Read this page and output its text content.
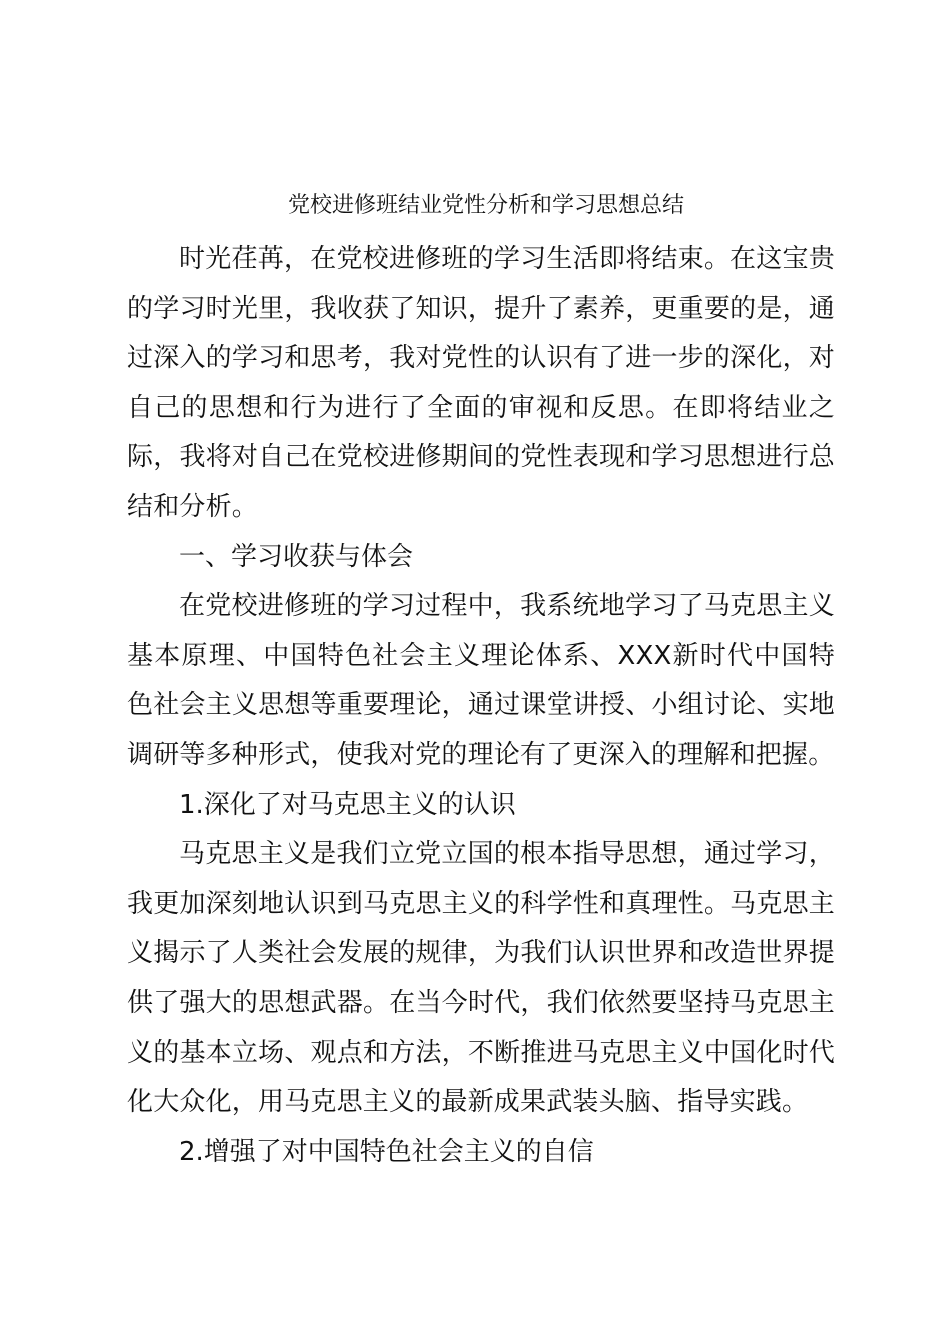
党校进修班结业党性分析和学习思想总结

时光荏苒，在党校进修班的学习生活即将结束。在这宝贵的学习时光里，我收获了知识，提升了素养，更重要的是，通过深入的学习和思考，我对党性的认识有了进一步的深化，对自己的思想和行为进行了全面的审视和反思。在即将结业之际，我将对自己在党校进修期间的党性表现和学习思想进行总结和分析。

一、学习收获与体会

在党校进修班的学习过程中，我系统地学习了马克思主义基本原理、中国特色社会主义理论体系、XXX新时代中国特色社会主义思想等重要理论，通过课堂讲授、小组讨论、实地调研等多种形式，使我对党的理论有了更深入的理解和把握。

1.深化了对马克思主义的认识

马克思主义是我们立党立国的根本指导思想，通过学习，我更加深刻地认识到马克思主义的科学性和真理性。马克思主义揭示了人类社会发展的规律，为我们认识世界和改造世界提供了强大的思想武器。在当今时代，我们依然要坚持马克思主义的基本立场、观点和方法，不断推进马克思主义中国化时代化大众化，用马克思主义的最新成果武装头脑、指导实践。

2.增强了对中国特色社会主义的自信
